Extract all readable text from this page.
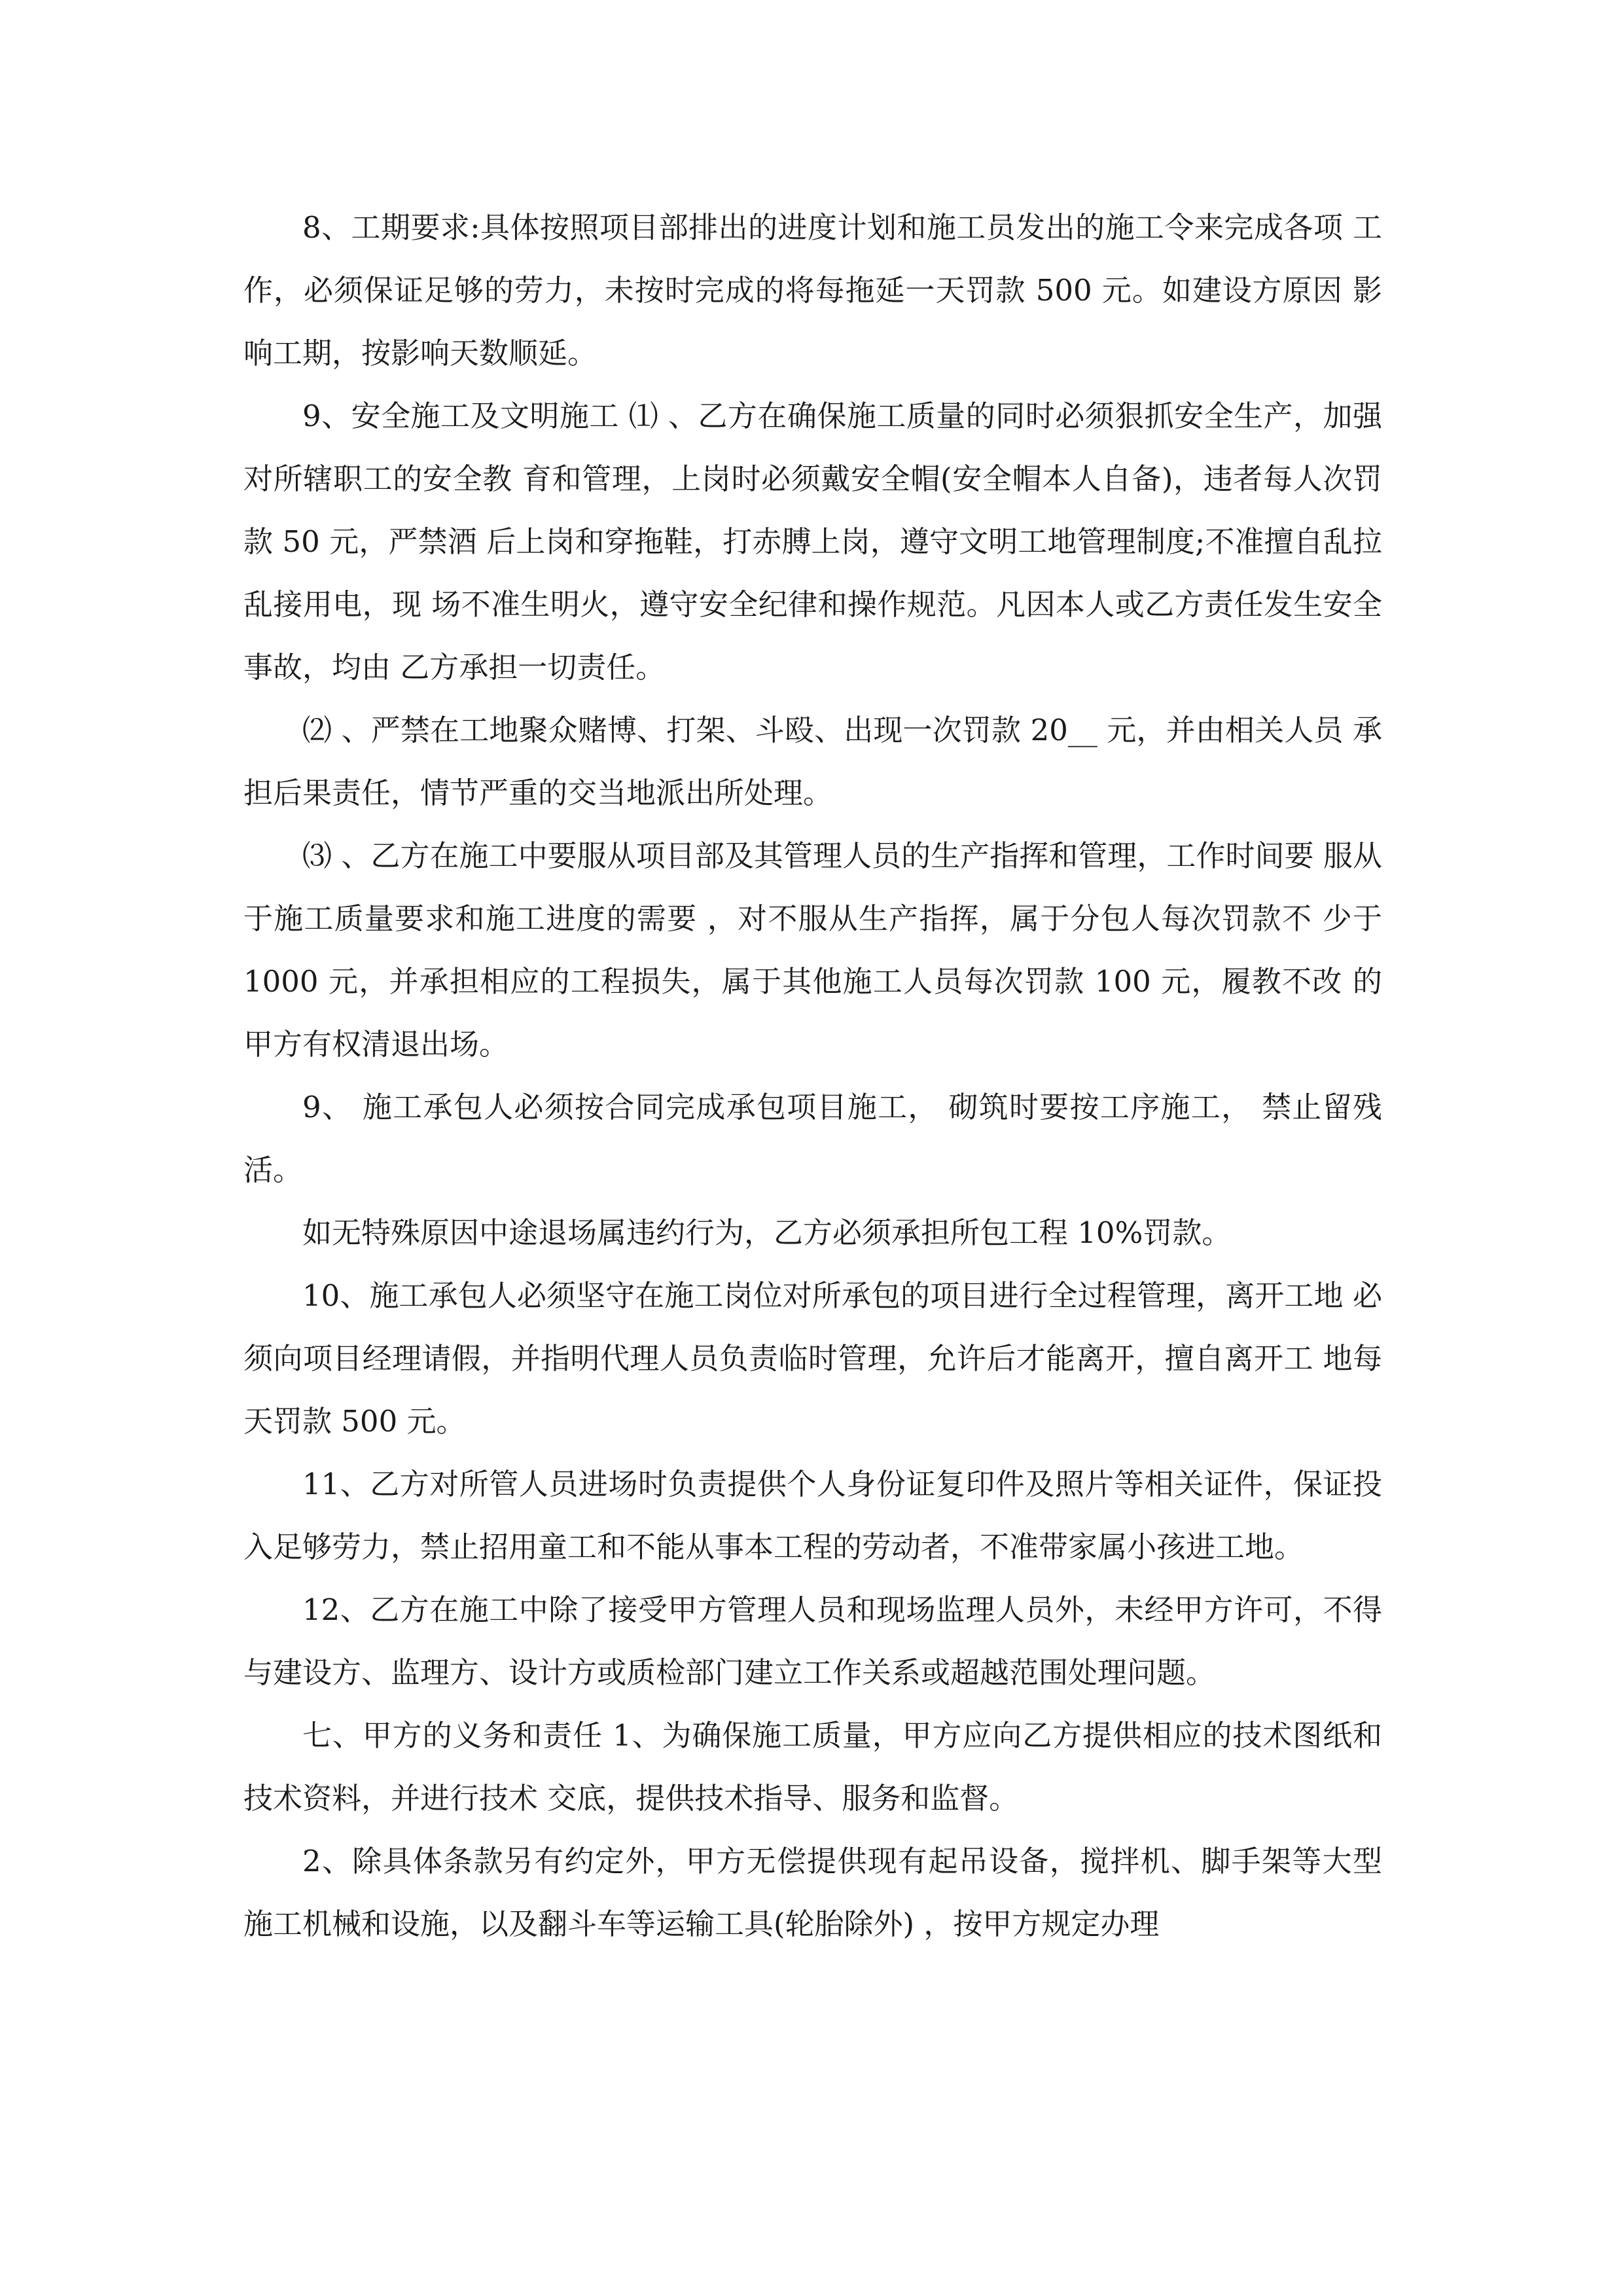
8、工期要求:具体按照项目部排出的进度计划和施工员发出的施工令来完成各项 工作，必须保证足够的劳力，未按时完成的将每拖延一天罚款 500 元。如建设方原因 影响工期，按影响天数顺延。

9、安全施工及文明施工 ⑴ 、乙方在确保施工质量的同时必须狠抓安全生产，加强对所辖职工的安全教 育和管理，上岗时必须戴安全帽(安全帽本人自备)，违者每人次罚款 50 元，严禁酒 后上岗和穿拖鞋，打赤膊上岗，遵守文明工地管理制度;不准擅自乱拉乱接用电，现 场不准生明火，遵守安全纪律和操作规范。凡因本人或乙方责任发生安全事故，均由 乙方承担一切责任。

⑵ 、严禁在工地聚众赌博、打架、斗殴、出现一次罚款 20__ 元，并由相关人员 承担后果责任，情节严重的交当地派出所处理。

⑶ 、乙方在施工中要服从项目部及其管理人员的生产指挥和管理，工作时间要 服从于施工质量要求和施工进度的需要 ，对不服从生产指挥，属于分包人每次罚款不 少于 1000 元，并承担相应的工程损失，属于其他施工人员每次罚款 100 元，履教不改 的甲方有权清退出场。

9、 施工承包人必须按合同完成承包项目施工， 砌筑时要按工序施工， 禁止留残活。

如无特殊原因中途退场属违约行为，乙方必须承担所包工程 10%罚款。

10、施工承包人必须坚守在施工岗位对所承包的项目进行全过程管理，离开工地 必须向项目经理请假，并指明代理人员负责临时管理，允许后才能离开，擅自离开工 地每天罚款 500 元。

11、乙方对所管人员进场时负责提供个人身份证复印件及照片等相关证件，保证投 入足够劳力，禁止招用童工和不能从事本工程的劳动者，不准带家属小孩进工地。

12、乙方在施工中除了接受甲方管理人员和现场监理人员外，未经甲方许可，不得 与建设方、监理方、设计方或质检部门建立工作关系或超越范围处理问题。

七、甲方的义务和责任 1、为确保施工质量，甲方应向乙方提供相应的技术图纸和技术资料，并进行技术 交底，提供技术指导、服务和监督。

2、除具体条款另有约定外，甲方无偿提供现有起吊设备，搅拌机、脚手架等大型 施工机械和设施，以及翻斗车等运输工具(轮胎除外) ，按甲方规定办理
